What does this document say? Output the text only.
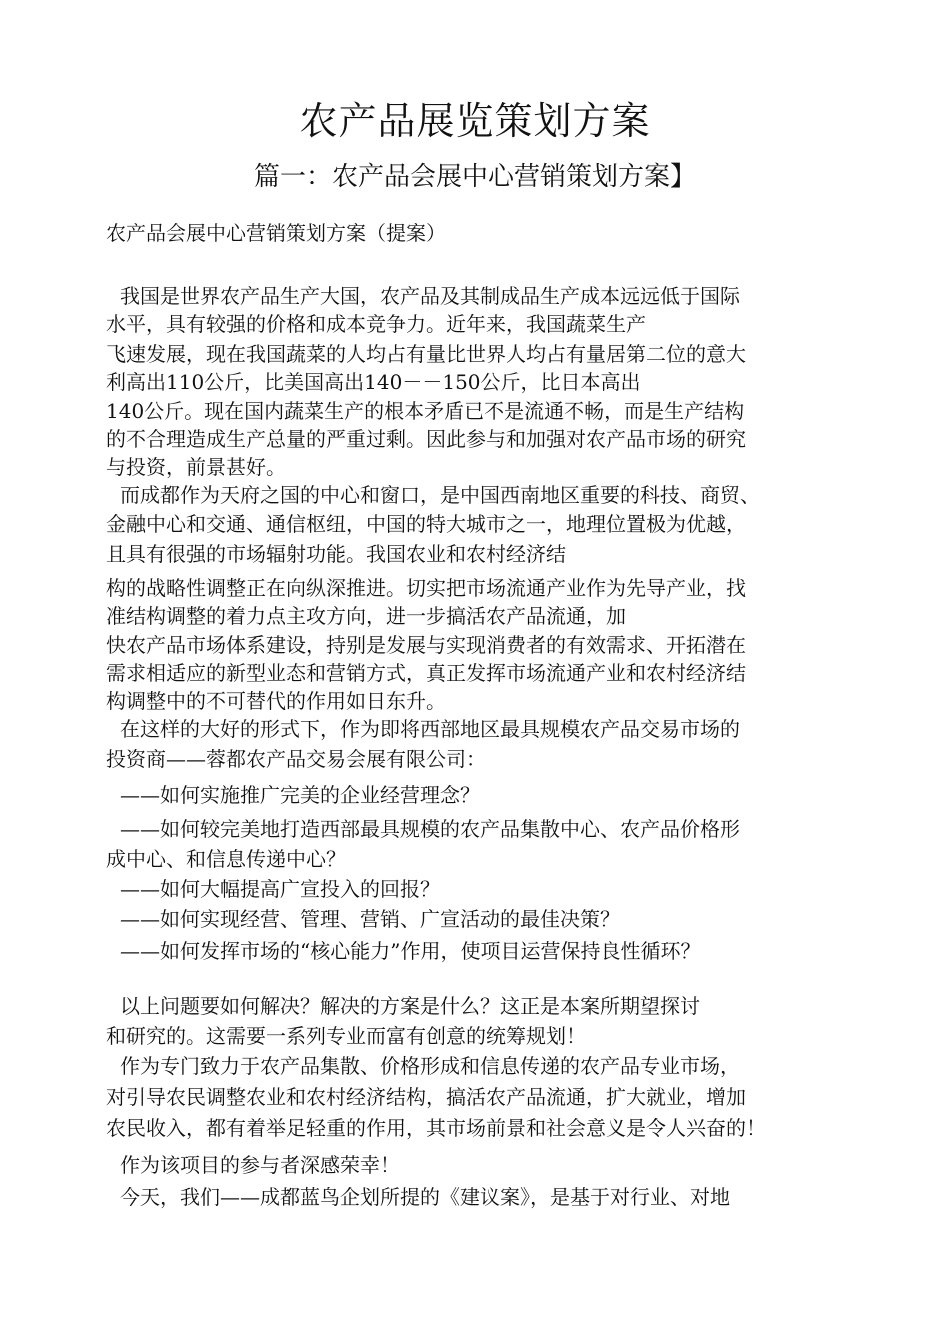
农产品展览策划方案
篇一：农产品会展中心营销策划方案】
农产品会展中心营销策划方案（提案）
我国是世界农产品生产大国，农产品及其制成品生产成本远远低于国际
水平，具有较强的价格和成本竞争力。近年来，我国蔬菜生产
飞速发展，现在我国蔬菜的人均占有量比世界人均占有量居第二位的意大
利高出110公斤，比美国高出140－－150公斤，比日本高出
140公斤。现在国内蔬菜生产的根本矛盾已不是流通不畅，而是生产结构
的不合理造成生产总量的严重过剩。因此参与和加强对农产品市场的研究
与投资，前景甚好。
而成都作为天府之国的中心和窗口，是中国西南地区重要的科技、商贸、
金融中心和交通、通信枢纽，中国的特大城市之一，地理位置极为优越，
且具有很强的市场辐射功能。我国农业和农村经济结
构的战略性调整正在向纵深推进。切实把市场流通产业作为先导产业，找
准结构调整的着力点主攻方向，进一步搞活农产品流通，加
快农产品市场体系建设，持别是发展与实现消费者的有效需求、开拓潜在
需求相适应的新型业态和营销方式，真正发挥市场流通产业和农村经济结
构调整中的不可替代的作用如日东升。
在这样的大好的形式下，作为即将西部地区最具规模农产品交易市场的
投资商——蓉都农产品交易会展有限公司：
——如何实施推广完美的企业经营理念？
——如何较完美地打造西部最具规模的农产品集散中心、农产品价格形
成中心、和信息传递中心？
——如何大幅提高广宣投入的回报？
——如何实现经营、管理、营销、广宣活动的最佳决策？
——如何发挥市场的“核心能力”作用，使项目运营保持良性循环？
以上问题要如何解决？解决的方案是什么？这正是本案所期望探讨
和研究的。这需要一系列专业而富有创意的统筹规划！
作为专门致力于农产品集散、价格形成和信息传递的农产品专业市场，
对引导农民调整农业和农村经济结构，搞活农产品流通，扩大就业，增加
农民收入，都有着举足轻重的作用，其市场前景和社会意义是令人兴奋的！
作为该项目的参与者深感荣幸！
今天，我们——成都蓝鸟企划所提的《建议案》，是基于对行业、对地
